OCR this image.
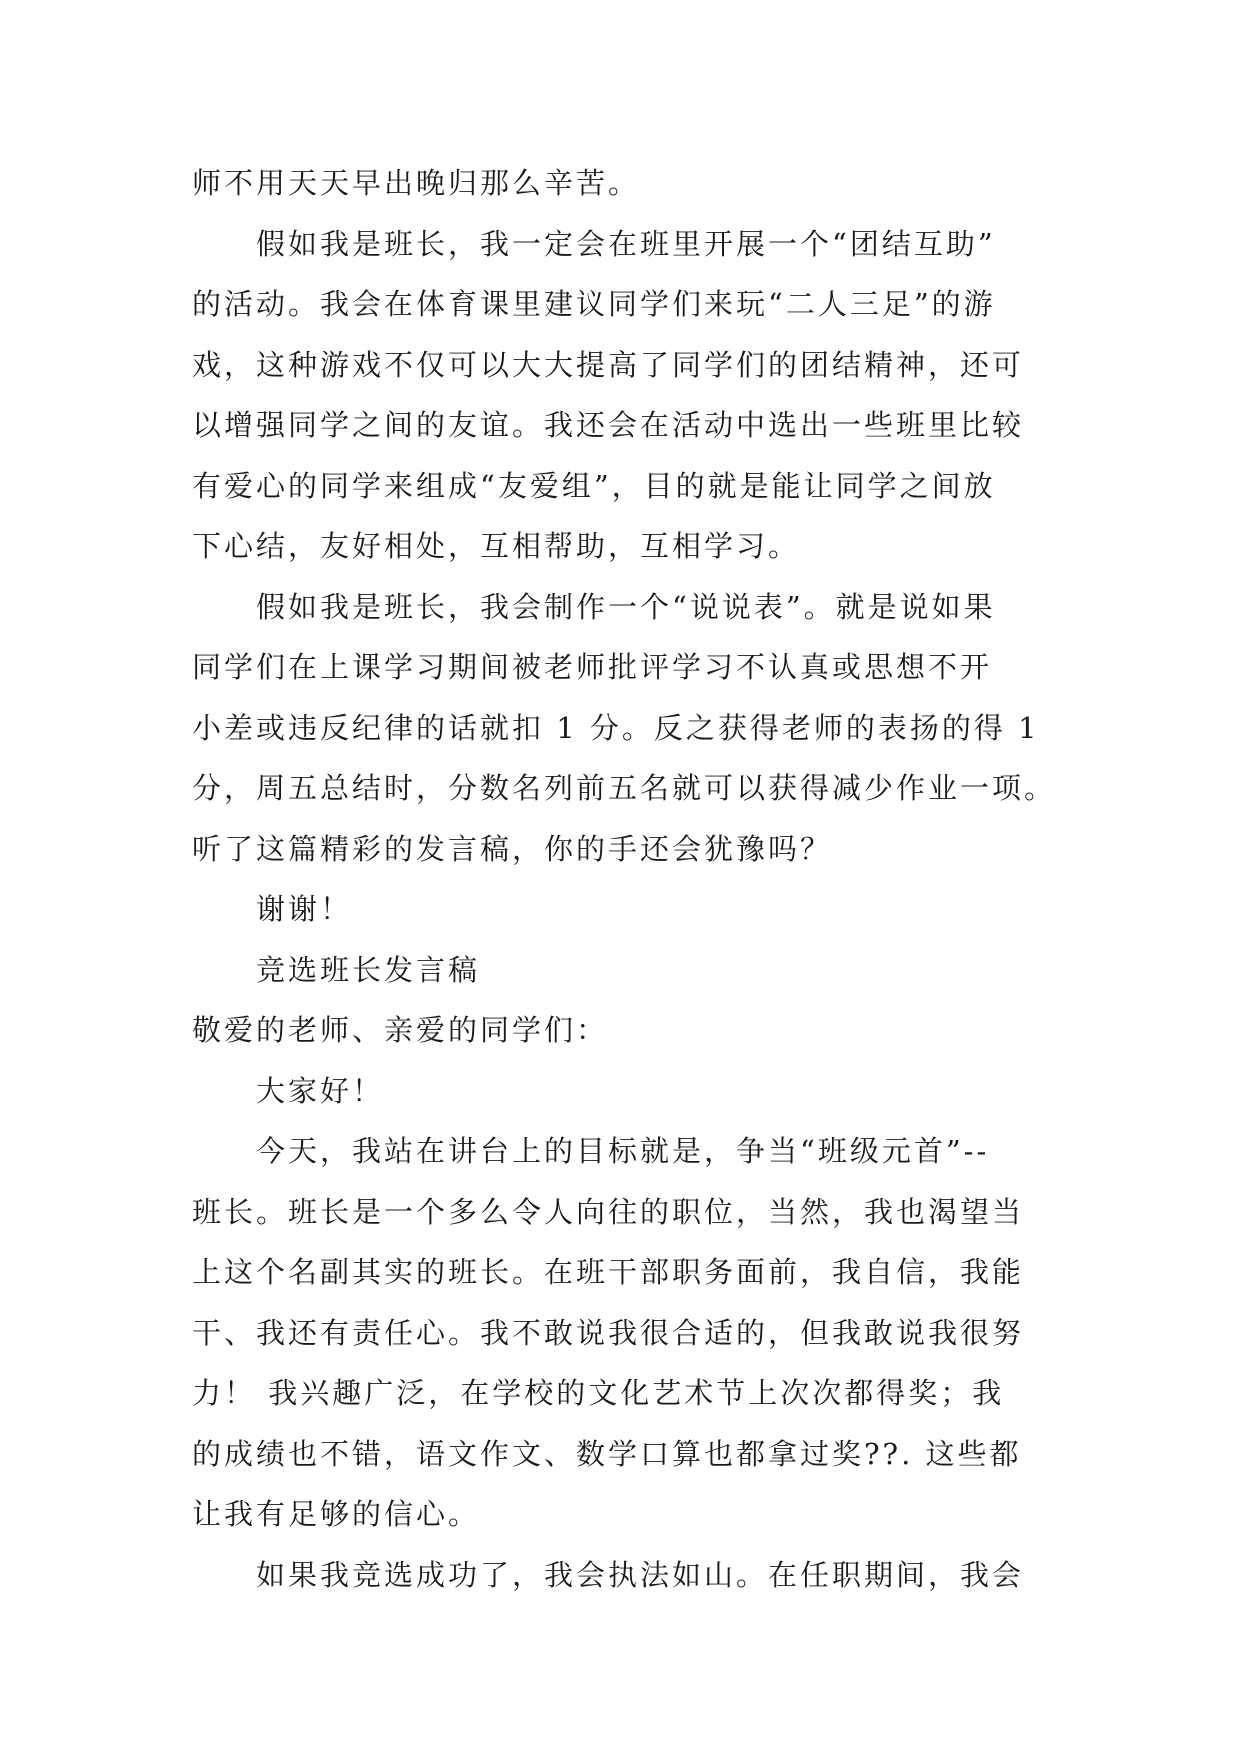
师不用天天早出晚归那么辛苦。
假如我是班长，我一定会在班里开展一个“团结互助”
的活动。我会在体育课里建议同学们来玩“二人三足”的游
戏，这种游戏不仅可以大大提高了同学们的团结精神，还可
以增强同学之间的友谊。我还会在活动中选出一些班里比较
有爱心的同学来组成“友爱组”，目的就是能让同学之间放
下心结，友好相处，互相帮助，互相学习。
假如我是班长，我会制作一个“说说表”。就是说如果
同学们在上课学习期间被老师批评学习不认真或思想不开
小差或违反纪律的话就扣 1 分。反之获得老师的表扬的得 1
分，周五总结时，分数名列前五名就可以获得减少作业一项。
听了这篇精彩的发言稿，你的手还会犹豫吗？
谢谢！
竞选班长发言稿
敬爱的老师、亲爱的同学们：
大家好！
今天，我站在讲台上的目标就是，争当“班级元首”--
班长。班长是一个多么令人向往的职位，当然，我也渴望当
上这个名副其实的班长。在班干部职务面前，我自信，我能
干、我还有责任心。我不敢说我很合适的，但我敢说我很努
力！ 我兴趣广泛，在学校的文化艺术节上次次都得奖；我
的成绩也不错，语文作文、数学口算也都拿过奖??. 这些都
让我有足够的信心。
如果我竞选成功了，我会执法如山。在任职期间，我会
